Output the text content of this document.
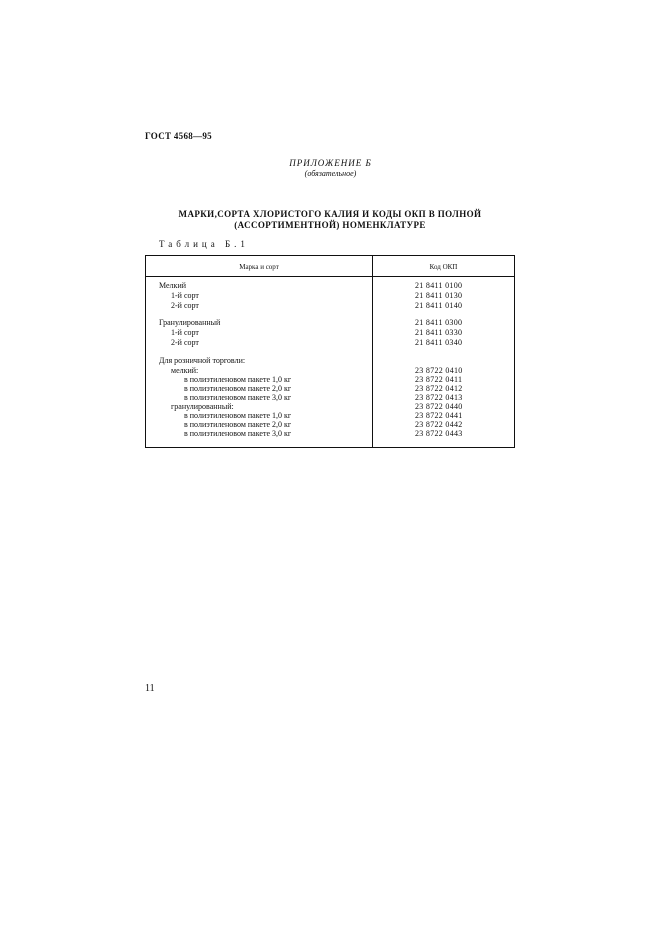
ГОСТ 4568—95
ПРИЛОЖЕНИЕ Б
(обязательное)
МАРКИ,СОРТА ХЛОРИСТОГО КАЛИЯ И КОДЫ ОКП В ПОЛНОЙ
(АССОРТИМЕНТНОЙ) НОМЕНКЛАТУРЕ
Таблица Б.1
Марка и сорт	Код ОКП
Мелкий	21 8411 0100
1-й сорт	21 8411 0130
2-й сорт	21 8411 0140
Гранулированный	21 8411 0300
1-й сорт	21 8411 0330
2-й сорт	21 8411 0340
Для розничной торговли:
мелкий:	23 8722 0410
в полиэтиленовом пакете 1,0 кг	23 8722 0411
в полиэтиленовом пакете 2,0 кг	23 8722 0412
в полиэтиленовом пакете 3,0 кг	23 8722 0413
гранулированный:	23 8722 0440
в полиэтиленовом пакете 1,0 кг	23 8722 0441
в полиэтиленовом пакете 2,0 кг	23 8722 0442
в полиэтиленовом пакете 3,0 кг	23 8722 0443
11
